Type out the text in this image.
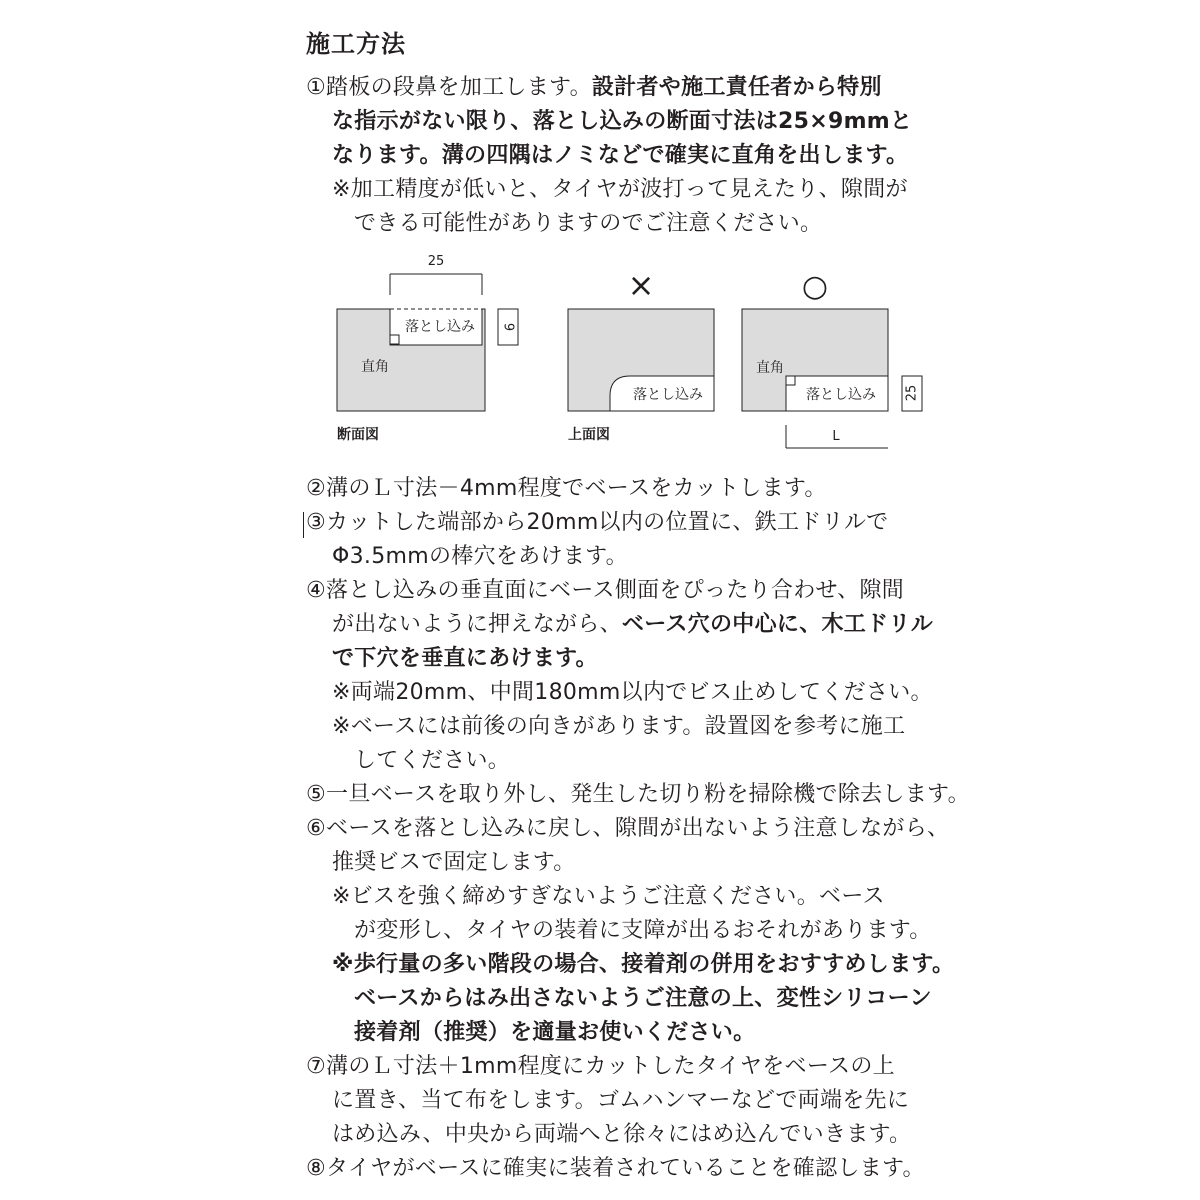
施工方法
①踏板の段鼻を加工します。設計者や施工責任者から特別
な指示がない限り、落とし込みの断面寸法は25×9mmと
なります。溝の四隅はノミなどで確実に直角を出します。
※加工精度が低いと、タイヤが波打って見えたり、隙間が
できる可能性がありますのでご注意ください。
25
落とし込み
直角
9
断面図
×
落とし込み
上面図
○
直角
落とし込み 25
L
②溝のＬ寸法－4mm程度でベースをカットします。
③カットした端部から20mm以内の位置に、鉄工ドリルで
Φ3.5mmの棒穴をあけます。
④落とし込みの垂直面にベース側面をぴったり合わせ、隙間
が出ないように押えながら、ベース穴の中心に、木工ドリル
で下穴を垂直にあけます。
※両端20mm、中間180mm以内でビス止めしてください。
※ベースには前後の向きがあります。設置図を参考に施工
してください。
⑤一旦ベースを取り外し、発生した切り粉を掃除機で除去します。
⑥ベースを落とし込みに戻し、隙間が出ないよう注意しながら、
推奨ビスで固定します。
※ビスを強く締めすぎないようご注意ください。ベース
が変形し、タイヤの装着に支障が出るおそれがあります。
※歩行量の多い階段の場合、接着剤の併用をおすすめします。
ベースからはみ出さないようご注意の上、変性シリコーン
接着剤（推奨）を適量お使いください。
⑦溝のＬ寸法＋1mm程度にカットしたタイヤをベースの上
に置き、当て布をします。ゴムハンマーなどで両端を先に
はめ込み、中央から両端へと徐々にはめ込んでいきます。
⑧タイヤがベースに確実に装着されていることを確認します。
